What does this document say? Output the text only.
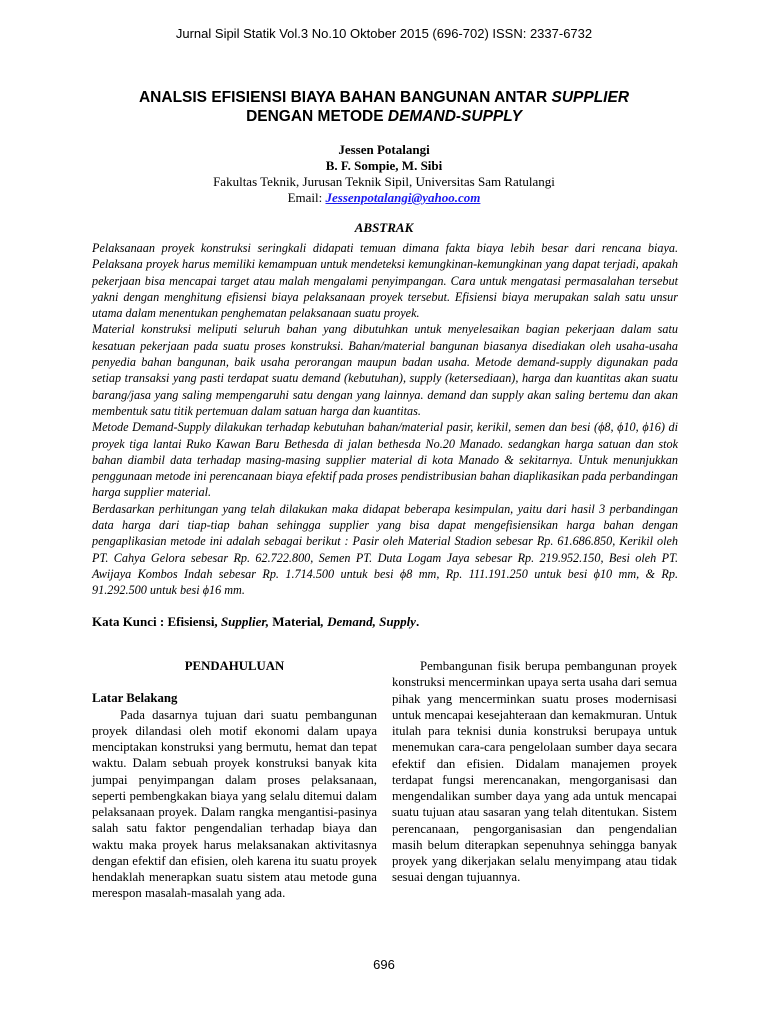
Jurnal Sipil Statik Vol.3 No.10 Oktober 2015 (696-702) ISSN: 2337-6732
ANALSIS EFISIENSI BIAYA BAHAN BANGUNAN ANTAR SUPPLIER
DENGAN METODE DEMAND-SUPPLY
Jessen Potalangi
B. F. Sompie, M. Sibi
Fakultas Teknik, Jurusan Teknik Sipil, Universitas Sam Ratulangi
Email: Jessenpotalangi@yahoo.com
ABSTRAK

Pelaksanaan proyek konstruksi seringkali didapati temuan dimana fakta biaya lebih besar dari rencana biaya. Pelaksana proyek harus memiliki kemampuan untuk mendeteksi kemungkinan-kemungkinan yang dapat terjadi, apakah pekerjaan bisa mencapai target atau malah mengalami penyimpangan. Cara untuk mengatasi permasalahan tersebut yakni dengan menghitung efisiensi biaya pelaksanaan proyek tersebut. Efisiensi biaya merupakan salah satu unsur utama dalam menentukan penghematan pelaksanaan suatu proyek.

Material konstruksi meliputi seluruh bahan yang dibutuhkan untuk menyelesaikan bagian pekerjaan dalam satu kesatuan pekerjaan pada suatu proses konstruksi. Bahan/material bangunan biasanya disediakan oleh usaha-usaha penyedia bahan bangunan, baik usaha perorangan maupun badan usaha. Metode demand-supply digunakan pada setiap transaksi yang pasti terdapat suatu demand (kebutuhan), supply (ketersediaan), harga dan kuantitas akan suatu barang/jasa yang saling mempengaruhi satu dengan yang lainnya. demand dan supply akan saling bertemu dan akan membentuk satu titik pertemuan dalam satuan harga dan kuantitas.

Metode Demand-Supply dilakukan terhadap kebutuhan bahan/material pasir, kerikil, semen dan besi (ϕ8, ϕ10, ϕ16) di proyek tiga lantai Ruko Kawan Baru Bethesda di jalan bethesda No.20 Manado. sedangkan harga satuan dan stok bahan diambil data terhadap masing-masing supplier material di kota Manado & sekitarnya. Untuk menunjukkan penggunaan metode ini perencanaan biaya efektif pada proses pendistribusian bahan diaplikasikan pada perbandingan harga supplier material.

Berdasarkan perhitungan yang telah dilakukan maka didapat beberapa kesimpulan, yaitu dari hasil 3 perbandingan data harga dari tiap-tiap bahan sehingga supplier yang bisa dapat mengefisiensikan harga bahan dengan pengaplikasian metode ini adalah sebagai berikut : Pasir oleh Material Stadion sebesar Rp. 61.686.850, Kerikil oleh PT. Cahya Gelora sebesar Rp. 62.722.800, Semen PT. Duta Logam Jaya sebesar Rp. 219.952.150, Besi oleh PT. Awijaya Kombos Indah sebesar Rp. 1.714.500 untuk besi ϕ8 mm, Rp. 111.191.250 untuk besi ϕ10 mm, & Rp. 91.292.500 untuk besi ϕ16 mm.

Kata Kunci : Efisiensi, Supplier, Material, Demand, Supply.
PENDAHULUAN
Latar Belakang

Pada dasarnya tujuan dari suatu pembangunan proyek dilandasi oleh motif ekonomi dalam upaya menciptakan konstruksi yang bermutu, hemat dan tepat waktu. Dalam sebuah proyek konstruksi banyak kita jumpai penyimpangan dalam proses pelaksanaan, seperti pembengkakan biaya yang selalu ditemui dalam pelaksanaan proyek. Dalam rangka mengantisi-pasinya salah satu faktor pengendalian terhadap biaya dan waktu maka proyek harus melaksanakan aktivitasnya dengan efektif dan efisien, oleh karena itu suatu proyek hendaklah menerapkan suatu sistem atau metode guna merespon masalah-masalah yang ada.

Pembangunan fisik berupa pembangunan proyek konstruksi mencerminkan upaya serta usaha dari semua pihak yang mencerminkan suatu proses modernisasi untuk mencapai kesejahteraan dan kemakmuran. Untuk itulah para teknisi dunia konstruksi berupaya untuk menemukan cara-cara pengelolaan sumber daya secara efektif dan efisien. Didalam manajemen proyek terdapat fungsi merencanakan, mengorganisasi dan mengendalikan sumber daya yang ada untuk mencapai suatu tujuan atau sasaran yang telah ditentukan. Sistem perencanaan, pengorganisasian dan pengendalian masih belum diterapkan sepenuhnya sehingga banyak proyek yang dikerjakan selalu menyimpang atau tidak sesuai dengan tujuannya.

696
